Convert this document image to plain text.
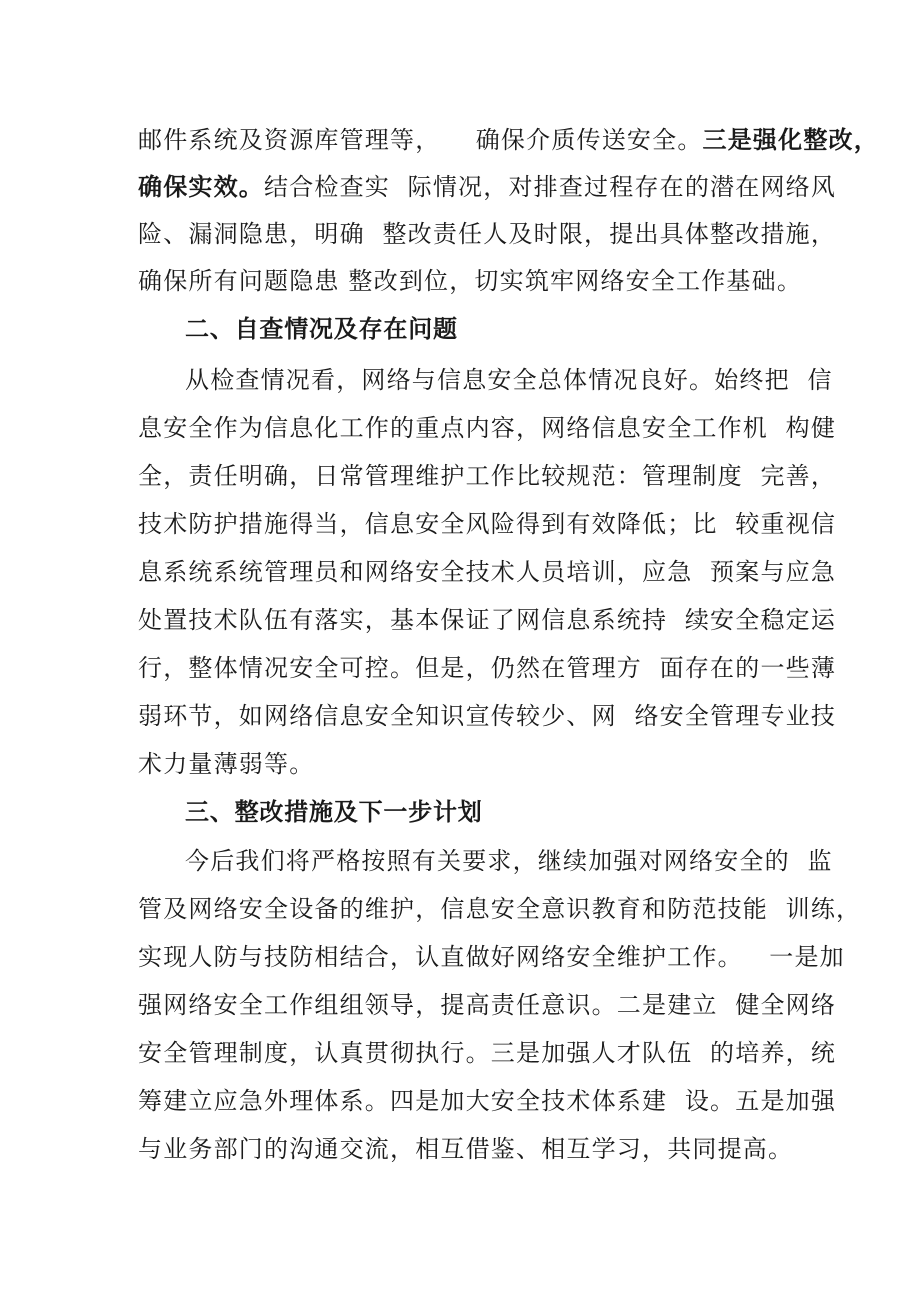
邮件系统及资源库管理等，    确保介质传送安全。三是强化整改，
确保实效。结合检查实  际情况，对排查过程存在的潜在网络风
险、漏洞隐患，明确  整改责任人及时限，提出具体整改措施，
确保所有问题隐患 整改到位，切实筑牢网络安全工作基础。
二、自查情况及存在问题
从检查情况看，网络与信息安全总体情况良好。始终把  信
息安全作为信息化工作的重点内容，网络信息安全工作机  构健
全，责任明确，日常管理维护工作比较规范：管理制度  完善，
技术防护措施得当，信息安全风险得到有效降低；比  较重视信
息系统系统管理员和网络安全技术人员培训，应急  预案与应急
处置技术队伍有落实，基本保证了网信息系统持  续安全稳定运
行，整体情况安全可控。但是，仍然在管理方  面存在的一些薄
弱环节，如网络信息安全知识宣传较少、网  络安全管理专业技
术力量薄弱等。
三、整改措施及下一步计划
今后我们将严格按照有关要求，继续加强对网络安全的  监
管及网络安全设备的维护，信息安全意识教育和防范技能  训练，
实现人防与技防相结合，认直做好网络安全维护工作。   一是加
强网络安全工作组组领导，提高责任意识。二是建立  健全网络
安全管理制度，认真贯彻执行。三是加强人才队伍  的培养，统
筹建立应急外理体系。四是加大安全技术体系建  设。五是加强
与业务部门的沟通交流，相互借鉴、相互学习，共同提高。
